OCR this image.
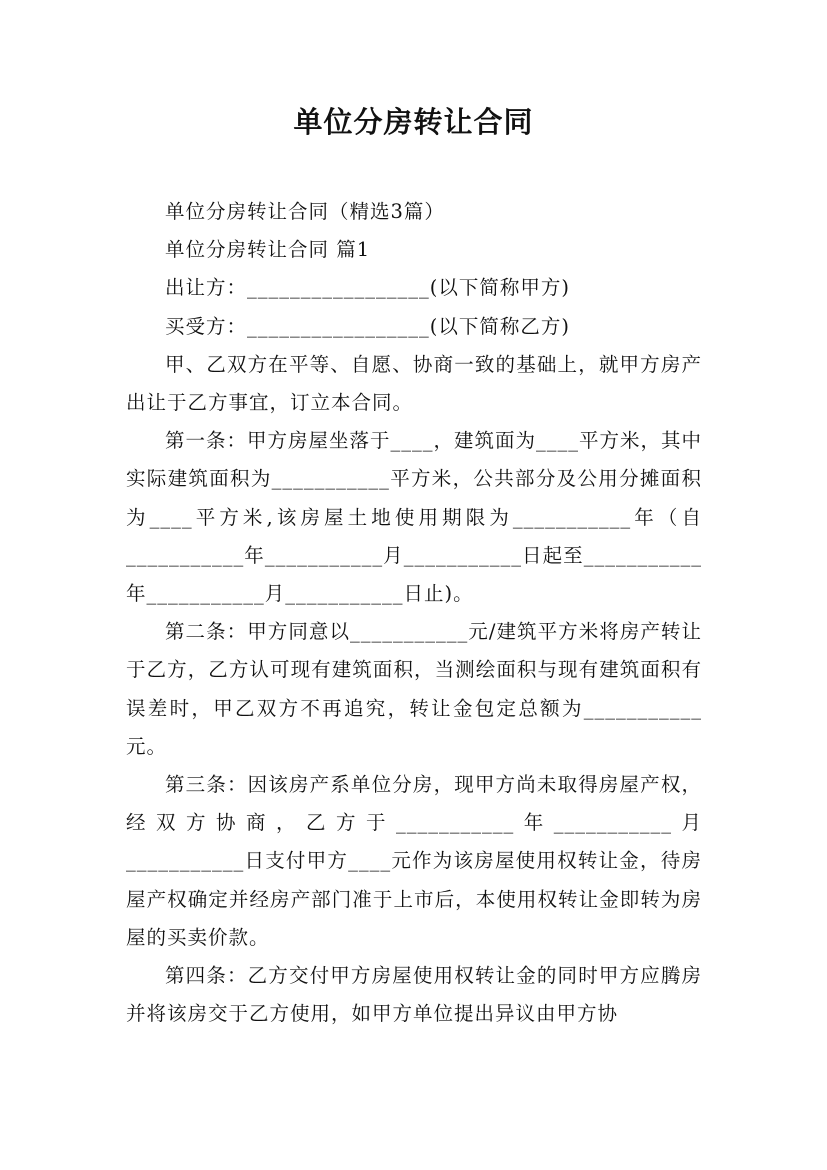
单位分房转让合同

单位分房转让合同（精选3篇）

单位分房转让合同 篇1

出让方：_________________(以下简称甲方)

买受方：_________________(以下简称乙方)

甲、乙双方在平等、自愿、协商一致的基础上，就甲方房产出让于乙方事宜，订立本合同。

第一条：甲方房屋坐落于____，建筑面为____平方米，其中实际建筑面积为___________平方米，公共部分及公用分摊面积为____平方米,该房屋土地使用期限为___________年（自___________年___________月___________日起至___________年___________月___________日止)。

第二条：甲方同意以___________元/建筑平方米将房产转让于乙方，乙方认可现有建筑面积，当测绘面积与现有建筑面积有误差时，甲乙双方不再追究，转让金包定总额为___________元。

第三条：因该房产系单位分房，现甲方尚未取得房屋产权，经双方协商，乙方于___________年___________月___________日支付甲方____元作为该房屋使用权转让金，待房屋产权确定并经房产部门准于上市后，本使用权转让金即转为房屋的买卖价款。

第四条：乙方交付甲方房屋使用权转让金的同时甲方应腾房并将该房交于乙方使用，如甲方单位提出异议由甲方协
